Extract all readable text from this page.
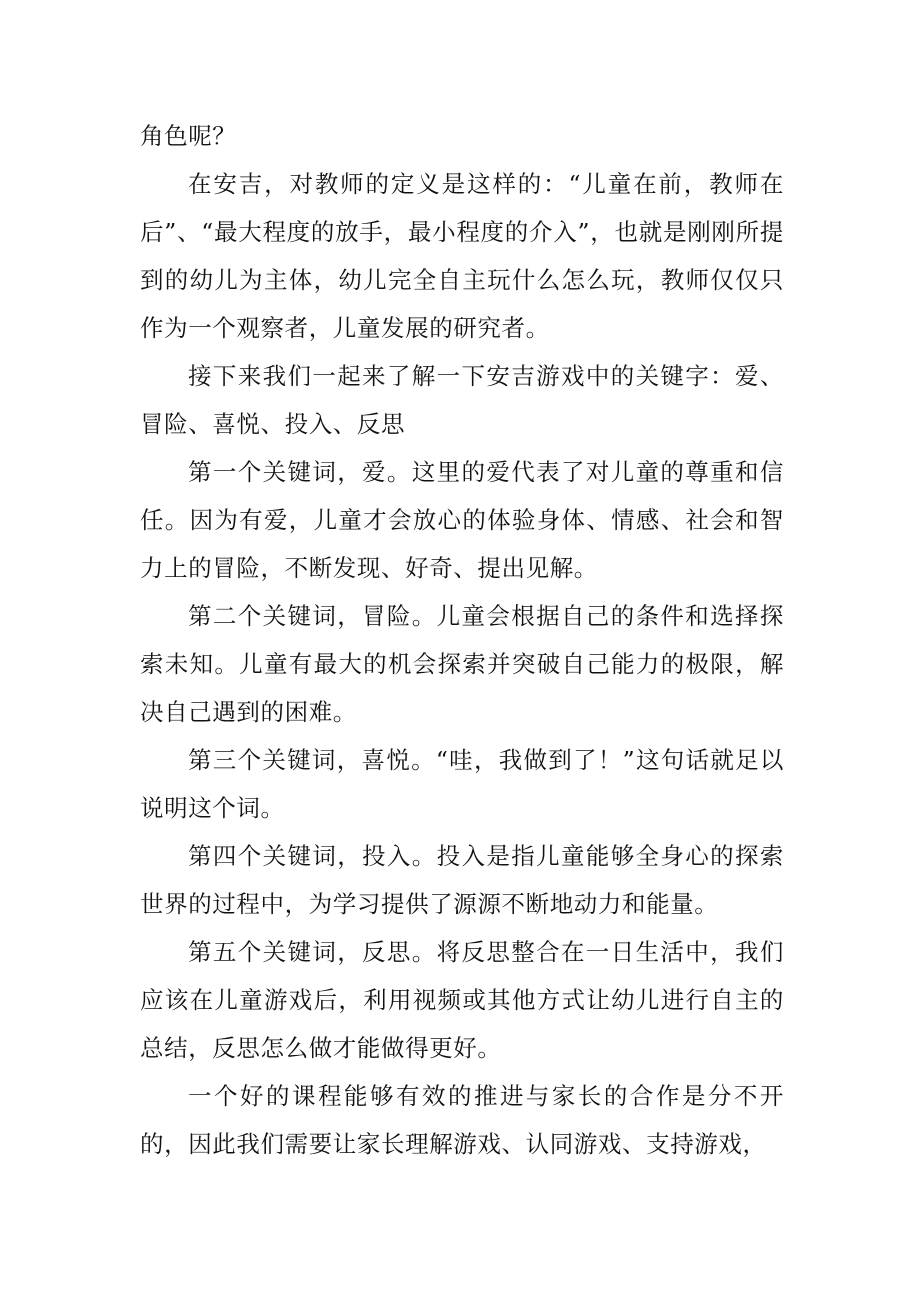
角色呢？

在安吉，对教师的定义是这样的：“儿童在前，教师在后”、“最大程度的放手，最小程度的介入”，也就是刚刚所提到的幼儿为主体，幼儿完全自主玩什么怎么玩，教师仅仅只作为一个观察者，儿童发展的研究者。

接下来我们一起来了解一下安吉游戏中的关键字：爱、冒险、喜悦、投入、反思

第一个关键词，爱。这里的爱代表了对儿童的尊重和信任。因为有爱，儿童才会放心的体验身体、情感、社会和智力上的冒险，不断发现、好奇、提出见解。

第二个关键词，冒险。儿童会根据自己的条件和选择探索未知。儿童有最大的机会探索并突破自己能力的极限，解决自己遇到的困难。

第三个关键词，喜悦。“哇，我做到了！”这句话就足以说明这个词。

第四个关键词，投入。投入是指儿童能够全身心的探索世界的过程中，为学习提供了源源不断地动力和能量。

第五个关键词，反思。将反思整合在一日生活中，我们应该在儿童游戏后，利用视频或其他方式让幼儿进行自主的总结，反思怎么做才能做得更好。

一个好的课程能够有效的推进与家长的合作是分不开的，因此我们需要让家长理解游戏、认同游戏、支持游戏，
